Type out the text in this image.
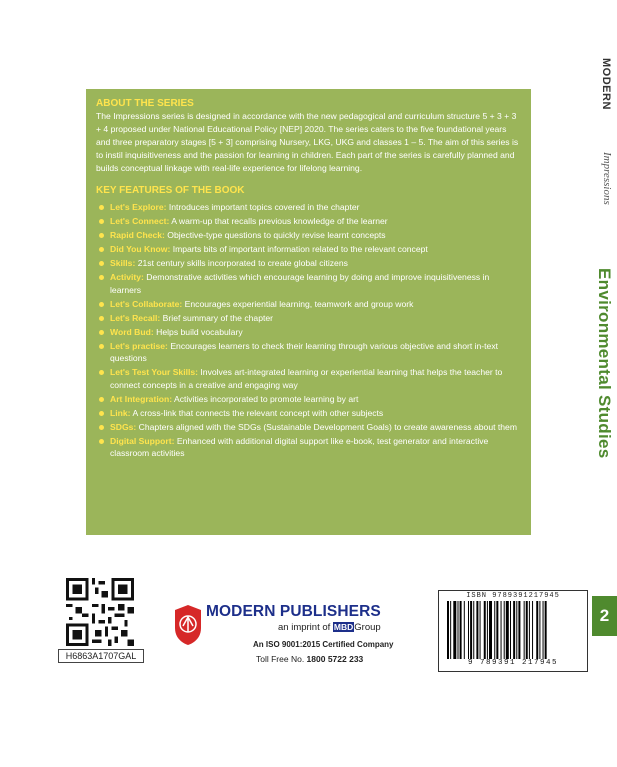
ABOUT THE SERIES
The Impressions series is designed in accordance with the new pedagogical and curriculum structure 5 + 3 + 3 + 4 proposed under National Educational Policy [NEP] 2020. The series caters to the five foundational years and three preparatory stages [5 + 3] comprising Nursery, LKG, UKG and classes 1 – 5. The aim of this series is to instil inquisitiveness and the passion for learning in children. Each part of the series is carefully planned and builds conceptual linkage with real-life experience for lifelong learning.
KEY FEATURES OF THE BOOK
Let's Explore: Introduces important topics covered in the chapter
Let's Connect: A warm-up that recalls previous knowledge of the learner
Rapid Check: Objective-type questions to quickly revise learnt concepts
Did You Know: Imparts bits of important information related to the relevant concept
Skills: 21st century skills incorporated to create global citizens
Activity: Demonstrative activities which encourage learning by doing and improve inquisitiveness in learners
Let's Collaborate: Encourages experiential learning, teamwork and group work
Let's Recall: Brief summary of the chapter
Word Bud: Helps build vocabulary
Let's practise: Encourages learners to check their learning through various objective and short in-text questions
Let's Test Your Skills: Involves art-integrated learning or experiential learning that helps the teacher to connect concepts in a creative and engaging way
Art Integration: Activities incorporated to promote learning by art
Link: A cross-link that connects the relevant concept with other subjects
SDGs: Chapters aligned with the SDGs (Sustainable Development Goals) to create awareness about them
Digital Support: Enhanced with additional digital support like e-book, test generator and interactive classroom activities
MODERN
Impressions
Environmental Studies
2
H6863A1707GAL
MODERN PUBLISHERS
an imprint of MBDGroup
An ISO 9001:2015 Certified Company
Toll Free No. 1800 5722 233
ISBN 9789391217945
9 789391 217945
